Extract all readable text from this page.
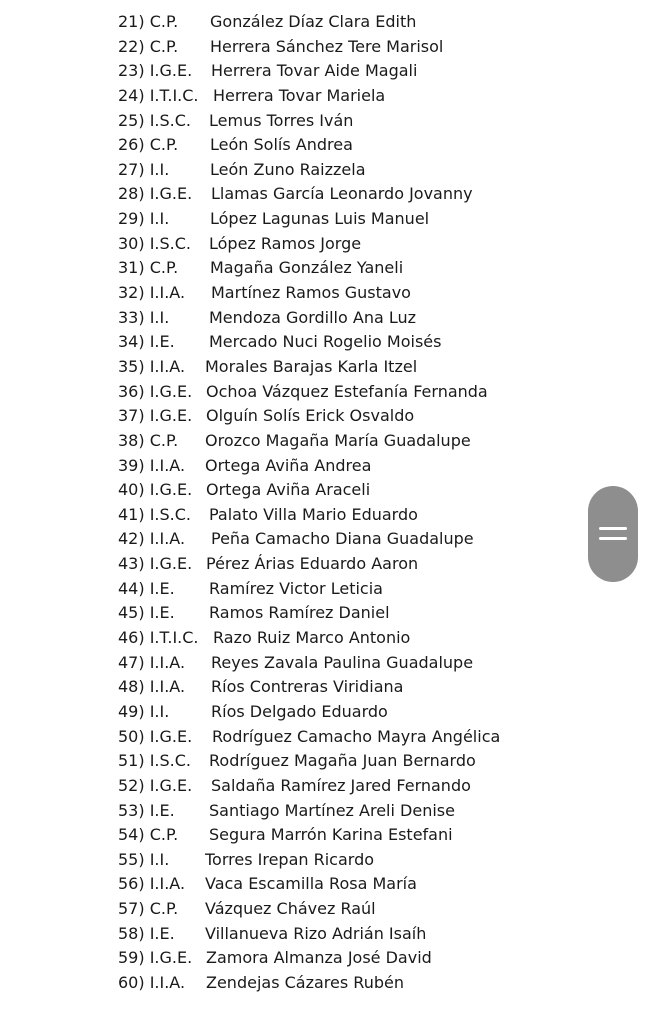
21) C.P. González Díaz Clara Edith
22) C.P. Herrera Sánchez Tere Marisol
23) I.G.E. Herrera Tovar Aide Magali
24) I.T.I.C. Herrera Tovar Mariela
25) I.S.C. Lemus Torres Iván
26) C.P. León Solís Andrea
27) I.I.	León Zuno Raizzela
28) I.G.E. Llamas García Leonardo Jovanny
29) I.I.	López Lagunas Luis Manuel
30) I.S.C. López Ramos Jorge
31) C.P. Magaña González Yaneli
32) I.I.A. Martínez Ramos Gustavo
33) I.I. Mendoza Gordillo Ana Luz
34) I.E. Mercado Nuci Rogelio Moisés
35) I.I.A. Morales Barajas Karla Itzel
36) I.G.E. Ochoa Vázquez Estefanía Fernanda
37) I.G.E. Olguín Solís Erick Osvaldo
38) C.P. Orozco Magaña María Guadalupe
39) I.I.A. Ortega Aviña Andrea
40) I.G.E. Ortega Aviña Araceli
41) I.S.C. Palato Villa Mario Eduardo
42) I.I.A. Peña Camacho Diana Guadalupe
43) I.G.E. Pérez Árias Eduardo Aaron
44) I.E. Ramírez Victor Leticia
45) I.E. Ramos Ramírez Daniel
46) I.T.I.C. Razo Ruiz Marco Antonio
47) I.I.A. Reyes Zavala Paulina Guadalupe
48) I.I.A. Ríos Contreras Viridiana
49) I.I.	Ríos Delgado Eduardo
50) I.G.E. Rodríguez Camacho Mayra Angélica
51) I.S.C. Rodríguez Magaña Juan Bernardo
52) I.G.E. Saldaña Ramírez Jared Fernando
53) I.E. Santiago Martínez Areli Denise
54) C.P. Segura Marrón Karina Estefani
55) I.I. Torres Irepan Ricardo
56) I.I.A. Vaca Escamilla Rosa María
57) C.P. Vázquez Chávez Raúl
58) I.E. Villanueva Rizo Adrián Isaíh
59) I.G.E. Zamora Almanza José David
60) I.I.A. Zendejas Cázares Rubén
